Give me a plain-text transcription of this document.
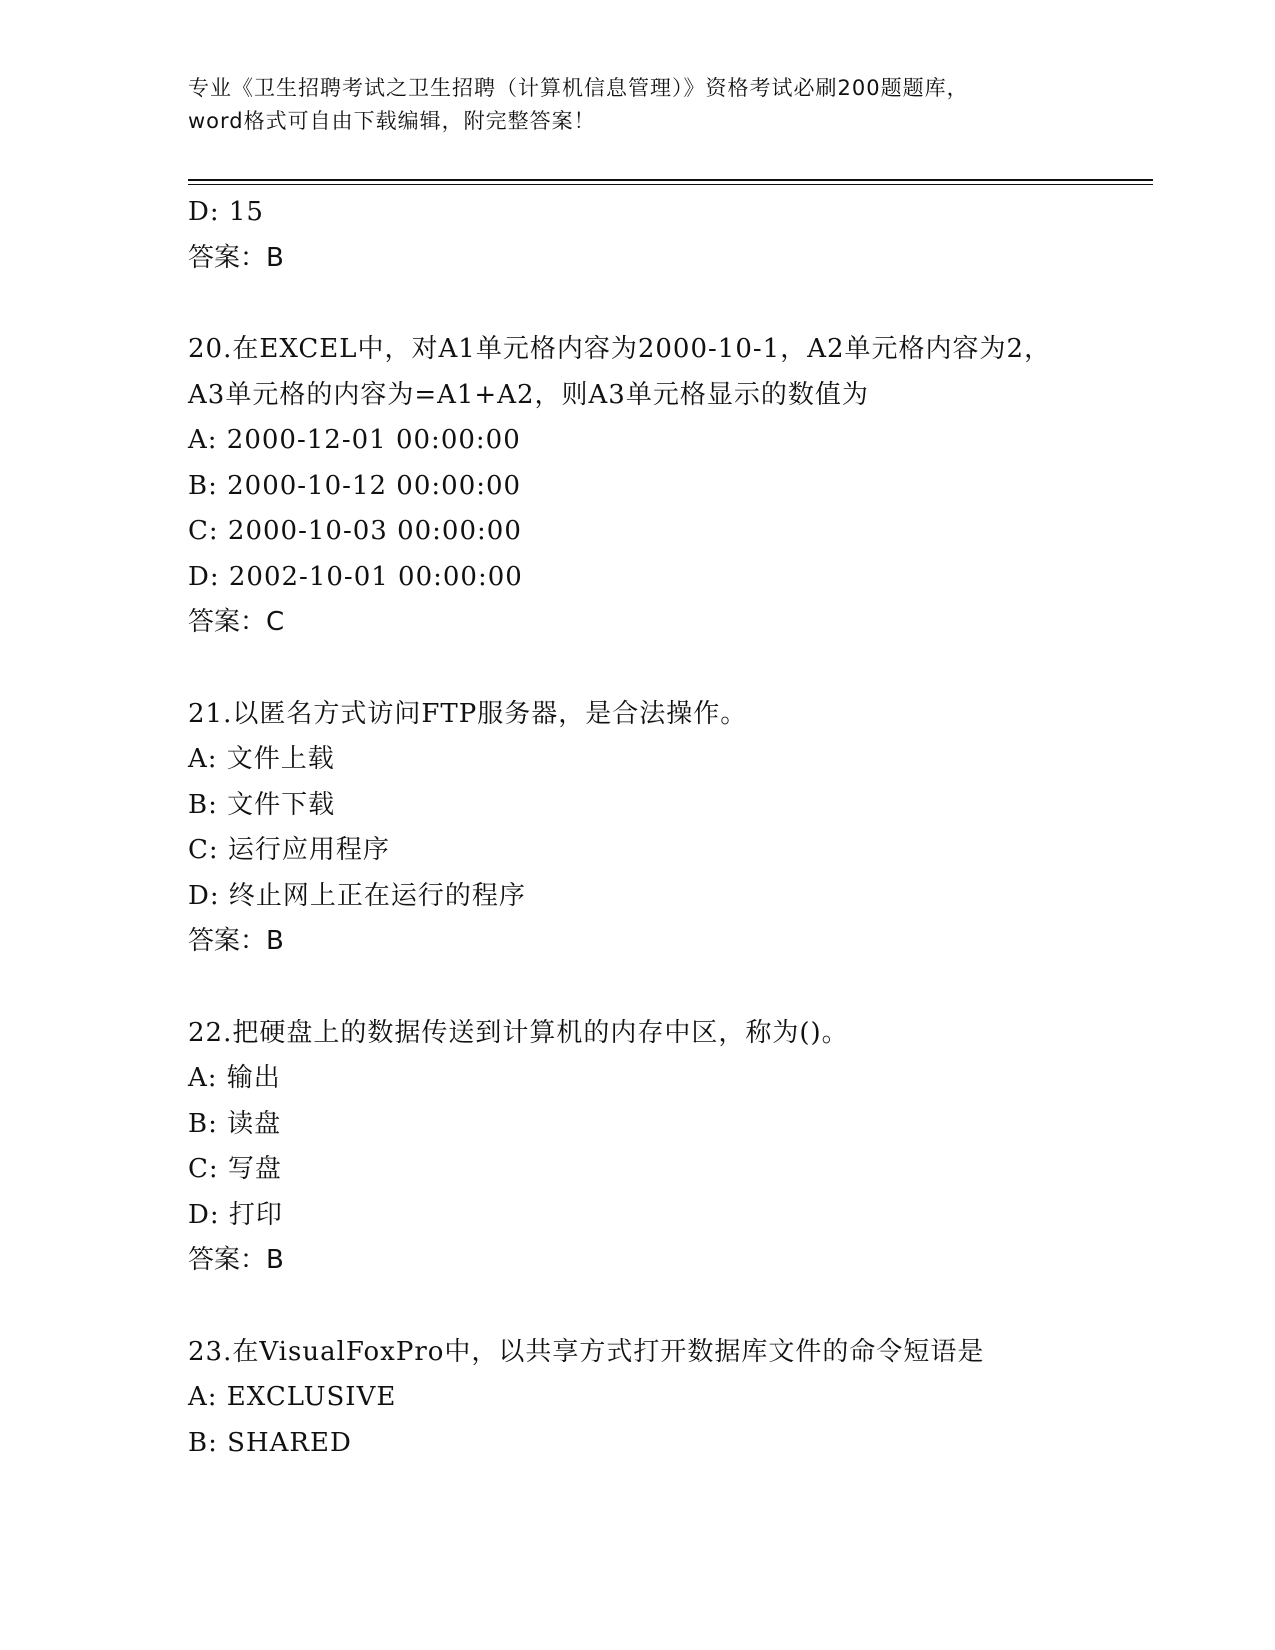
专业《卫生招聘考试之卫生招聘（计算机信息管理）》资格考试必刷200题题库，

word格式可自由下载编辑，附完整答案！

D: 15
答案：B
20.在EXCEL中，对A1单元格内容为2000-10-1，A2单元格内容为2，
A3单元格的内容为=A1+A2，则A3单元格显示的数值为
A: 2000-12-01 00:00:00
B: 2000-10-12 00:00:00
C: 2000-10-03 00:00:00
D: 2002-10-01 00:00:00
答案：C
21.以匿名方式访问FTP服务器，是合法操作。
A: 文件上载
B: 文件下载
C: 运行应用程序
D: 终止网上正在运行的程序
答案：B
22.把硬盘上的数据传送到计算机的内存中区，称为()。
A: 输出
B: 读盘
C: 写盘
D: 打印
答案：B
23.在VisualFoxPro中，以共享方式打开数据库文件的命令短语是
A: EXCLUSIVE
B: SHARED
